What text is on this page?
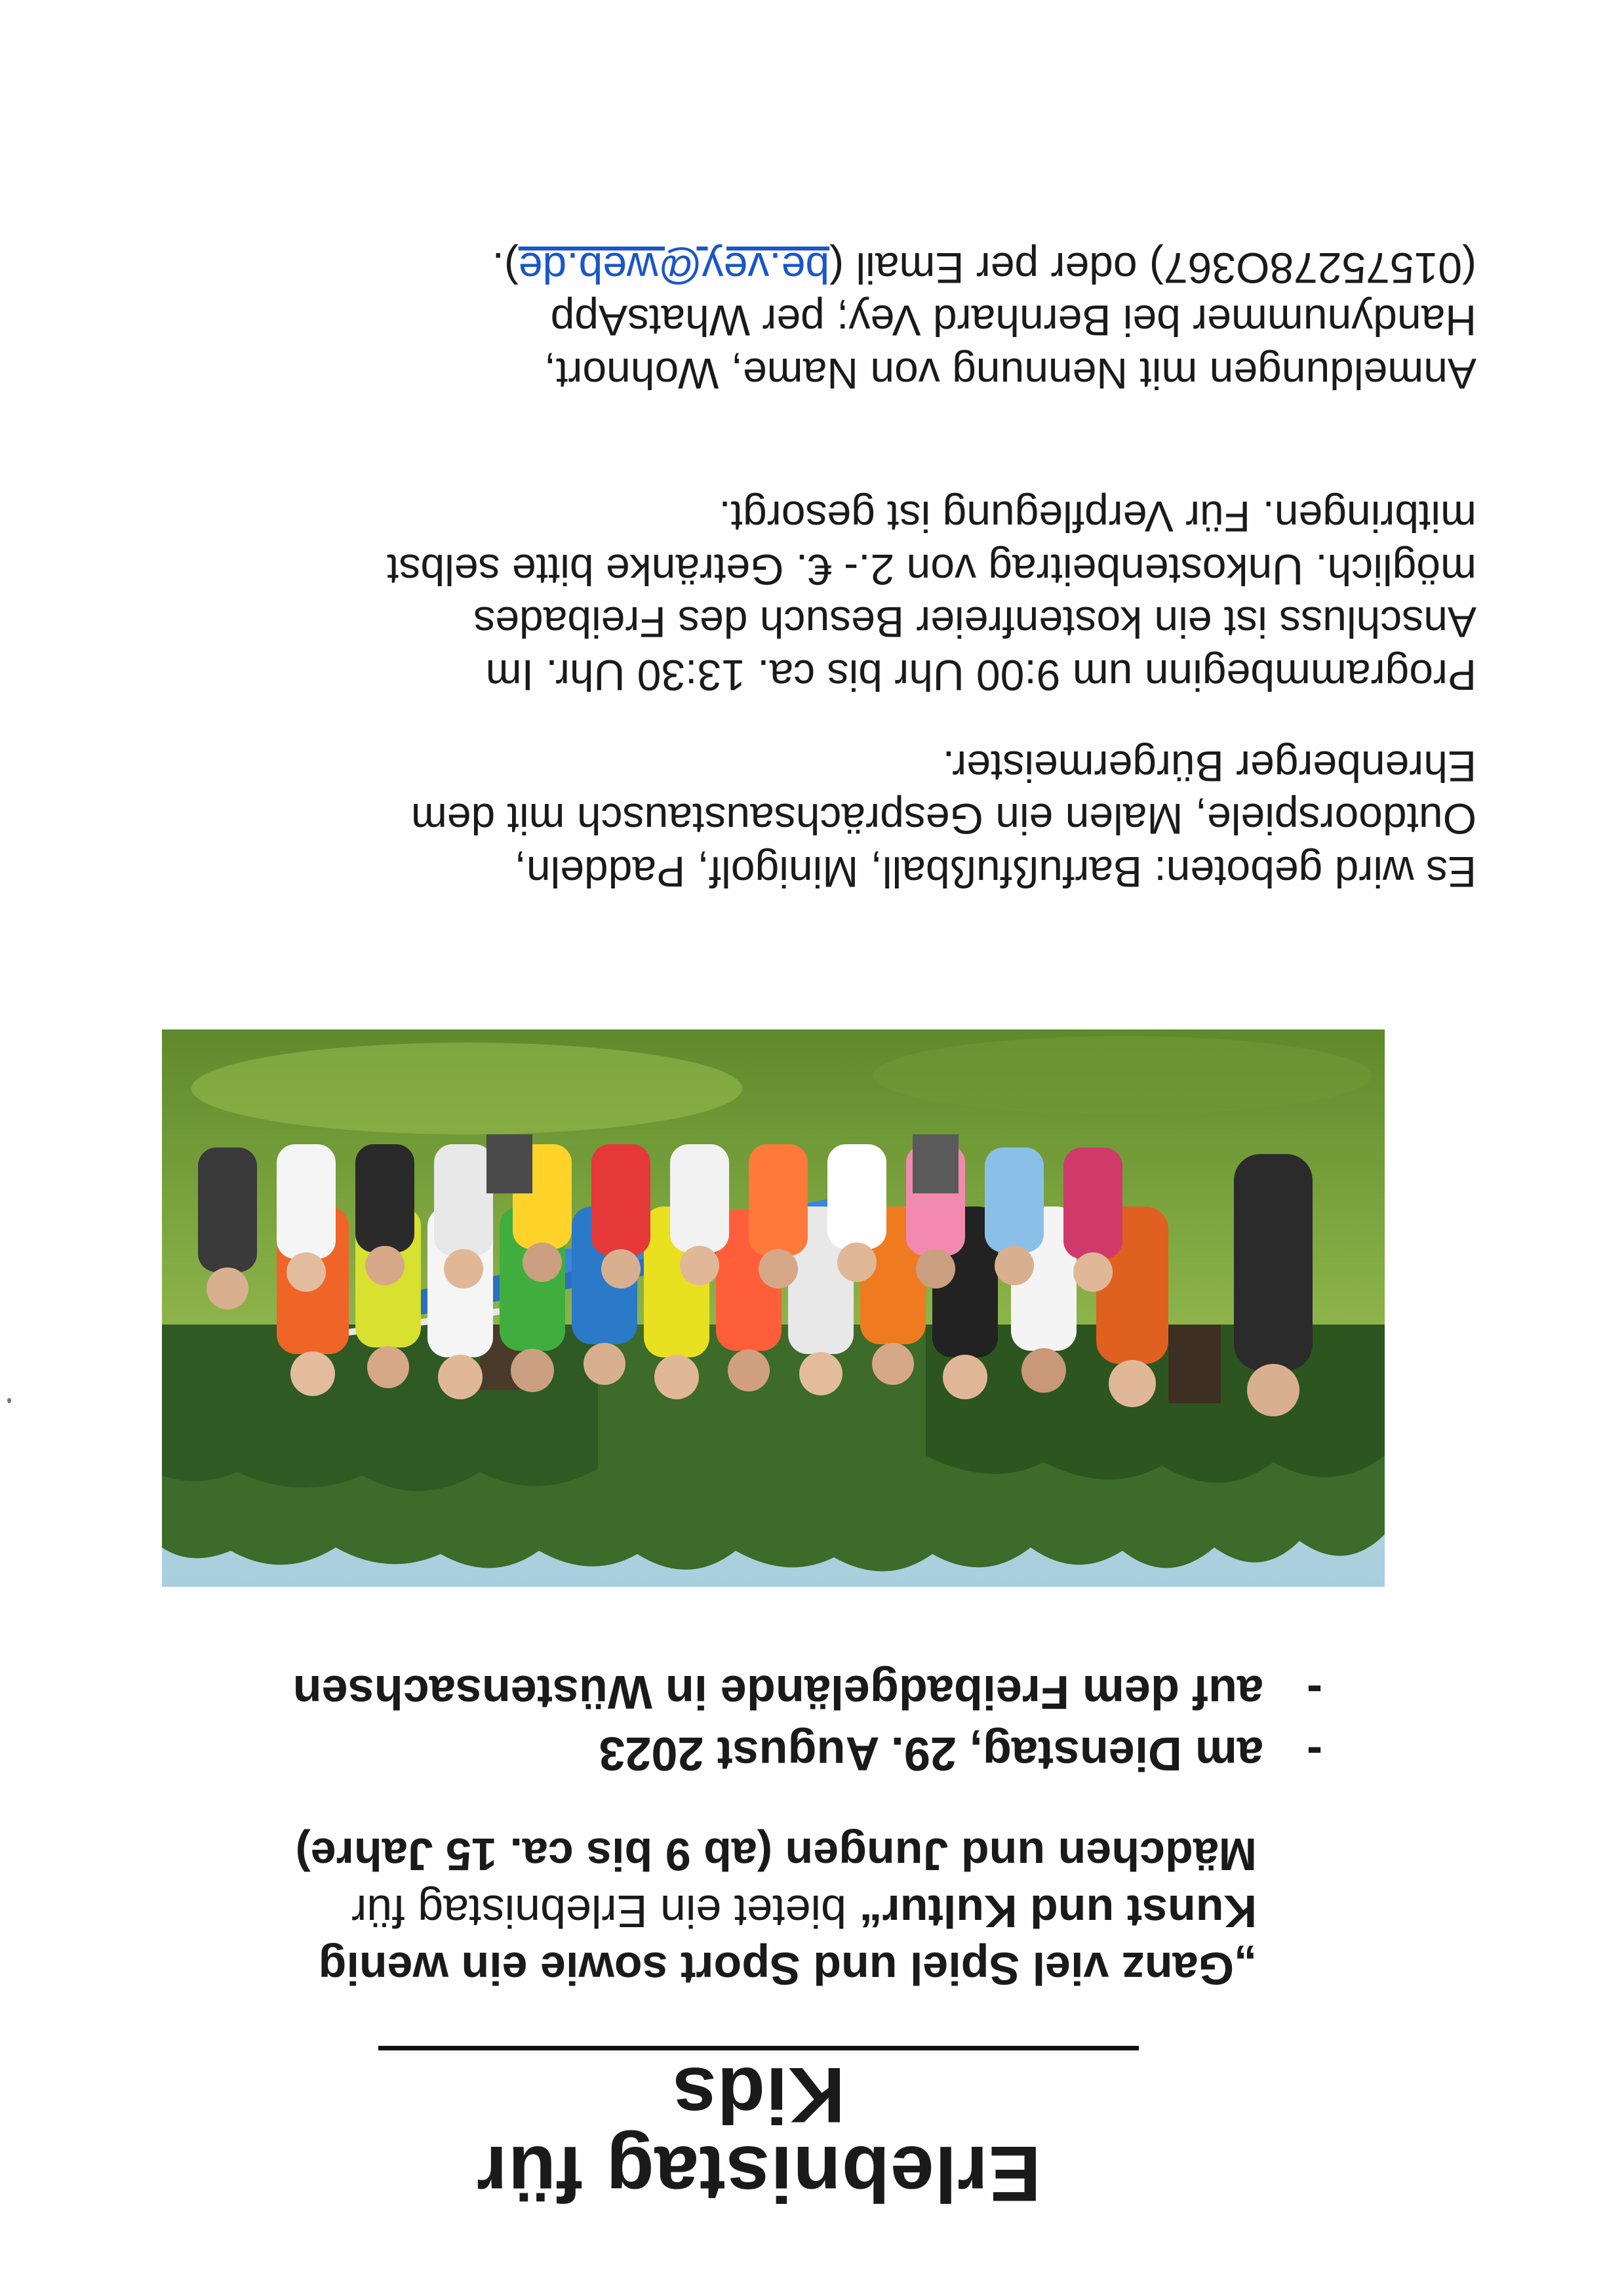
Erlebnistag für Kids
„Ganz viel Spiel und Sport sowie ein wenig
Kunst und Kultur“ bietet ein Erlebnistag für
Mädchen und Jungen (ab 9 bis ca. 15 Jahre)
-
am Dienstag, 29. August 2023
-
auf dem Freibadgelände in Wüstensachsen
Es wird geboten: Barfußfußball, Minigolf, Paddeln,
Outdoorspiele, Malen ein Gesprächsaustausch mit dem
Ehrenberger Bürgermeister.
Programmbeginn um 9:00 Uhr bis ca. 13:30 Uhr. Im
Anschluss ist ein kostenfreier Besuch des Freibades
möglich. Unkostenbeitrag von 2.- €. Getränke bitte selbst
mitbringen. Für Verpflegung ist gesorgt.
Anmeldungen mit Nennung von Name, Wohnort,
Handynummer bei Bernhard Vey; per WhatsApp
(01575278O367) oder per Email (be.vey@web.de).
